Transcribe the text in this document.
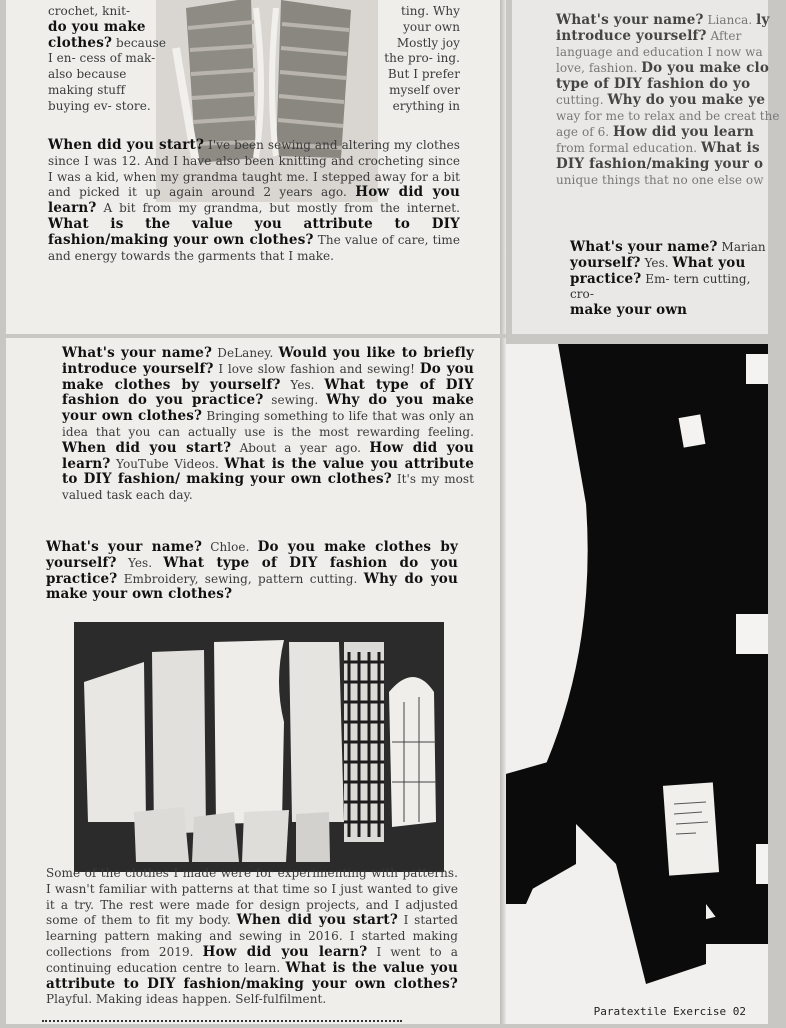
crochet, knit-
do you make clothes? because I en- cess of mak- also because making stuff buying ev- store.
ting. Why your own Mostly joy the pro- ing. But I prefer myself over erything in
When did you start? I've been sewing and altering my clothes since I was 12. And I have also been knitting and crocheting since I was a kid, when my grandma taught me. I stepped away for a bit and picked it up again around 2 years ago. How did you learn? A bit from my grandma, but mostly from the internet. What is the value you attribute to DIY fashion/making your own clothes? The value of care, time and energy towards the garments that I make.
What's your name? Lianca. ly introduce yourself? After language and education I now wa love, fashion. Do you make clo type of DIY fashion do yo cutting. Why do you make ye way for me to relax and be creat the age of 6. How did you learn from formal education. What is DIY fashion/making your o unique things that no one else ow
What's your name? Marian
yourself? Yes. What you practice? Em- tern cutting, cro-
make your own
What's your name? DeLaney. Would you like to briefly introduce yourself? I love slow fashion and sewing! Do you make clothes by yourself? Yes. What type of DIY fashion do you practice? sewing. Why do you make your own clothes? Bringing something to life that was only an idea that you can actually use is the most rewarding feeling. When did you start? About a year ago. How did you learn? YouTube Videos. What is the value you attribute to DIY fashion/ making your own clothes? It's my most valued task each day.
What's your name? Chloe. Do you make clothes by yourself? Yes. What type of DIY fashion do you practice? Embroidery, sewing, pattern cutting. Why do you make your own clothes?
Some of the clothes I made were for experimenting with patterns. I wasn't familiar with patterns at that time so I just wanted to give it a try. The rest were made for design projects, and I adjusted some of them to fit my body. When did you start? I started learning pattern making and sewing in 2016. I started making collections from 2019. How did you learn? I went to a continuing education centre to learn. What is the value you attribute to DIY fashion/making your own clothes? Playful. Making ideas happen. Self-fulfilment.
Paratextile Exercise 02
